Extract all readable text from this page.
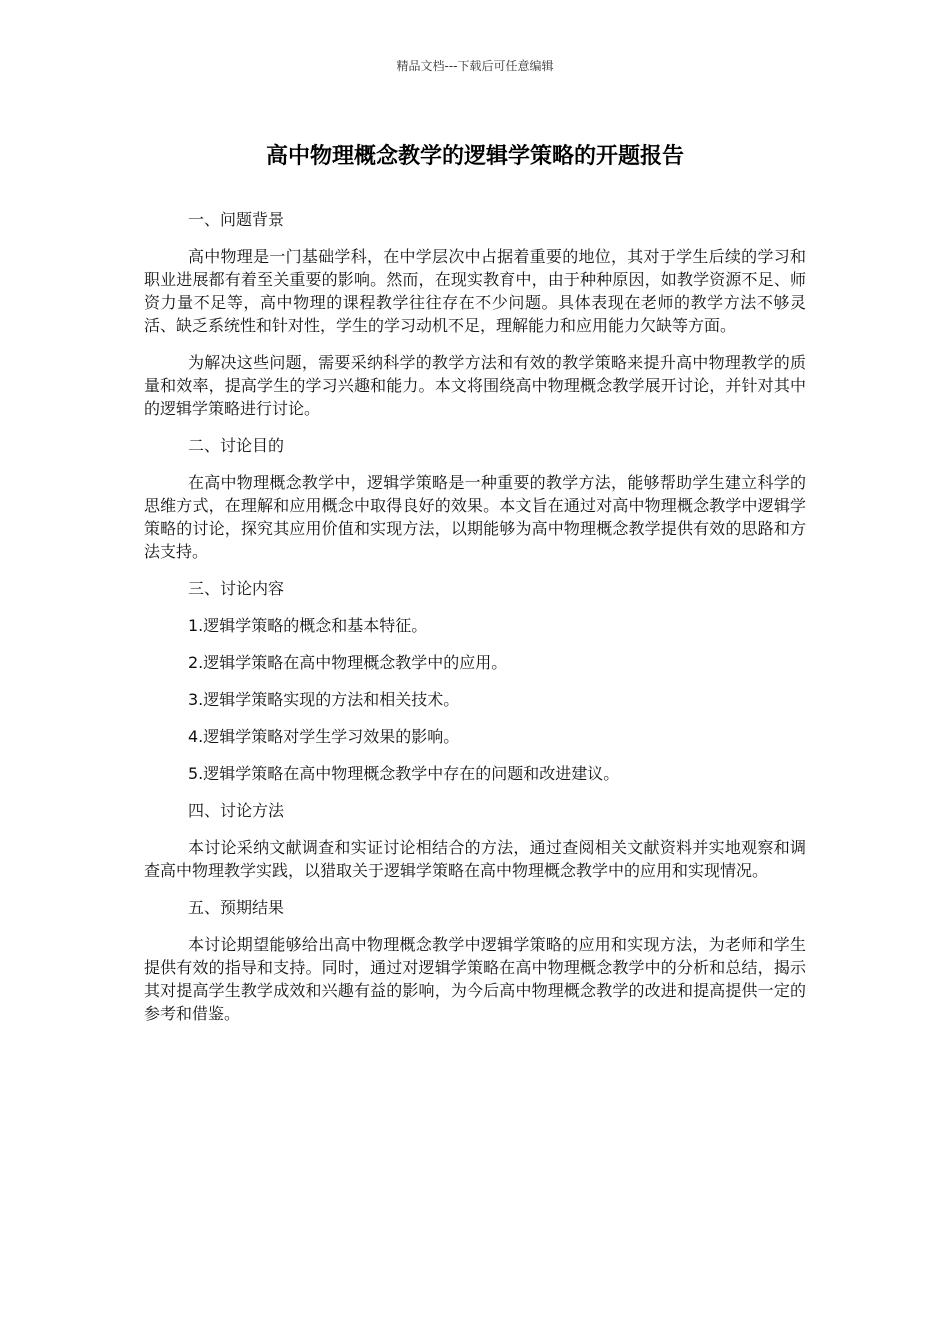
精品文档---下载后可任意编辑
高中物理概念教学的逻辑学策略的开题报告
一、问题背景

高中物理是一门基础学科，在中学层次中占据着重要的地位，其对于学生后续的学习和职业进展都有着至关重要的影响。然而，在现实教育中，由于种种原因，如教学资源不足、师资力量不足等，高中物理的课程教学往往存在不少问题。具体表现在老师的教学方法不够灵活、缺乏系统性和针对性，学生的学习动机不足，理解能力和应用能力欠缺等方面。

为解决这些问题，需要采纳科学的教学方法和有效的教学策略来提升高中物理教学的质量和效率，提高学生的学习兴趣和能力。本文将围绕高中物理概念教学展开讨论，并针对其中的逻辑学策略进行讨论。

二、讨论目的

在高中物理概念教学中，逻辑学策略是一种重要的教学方法，能够帮助学生建立科学的思维方式，在理解和应用概念中取得良好的效果。本文旨在通过对高中物理概念教学中逻辑学策略的讨论，探究其应用价值和实现方法，以期能够为高中物理概念教学提供有效的思路和方法支持。

三、讨论内容
1.逻辑学策略的概念和基本特征。
2.逻辑学策略在高中物理概念教学中的应用。
3.逻辑学策略实现的方法和相关技术。
4.逻辑学策略对学生学习效果的影响。
5.逻辑学策略在高中物理概念教学中存在的问题和改进建议。
四、讨论方法

本讨论采纳文献调查和实证讨论相结合的方法，通过查阅相关文献资料并实地观察和调查高中物理教学实践，以猎取关于逻辑学策略在高中物理概念教学中的应用和实现情况。

五、预期结果

本讨论期望能够给出高中物理概念教学中逻辑学策略的应用和实现方法，为老师和学生提供有效的指导和支持。同时，通过对逻辑学策略在高中物理概念教学中的分析和总结，揭示其对提高学生教学成效和兴趣有益的影响，为今后高中物理概念教学的改进和提高提供一定的参考和借鉴。
